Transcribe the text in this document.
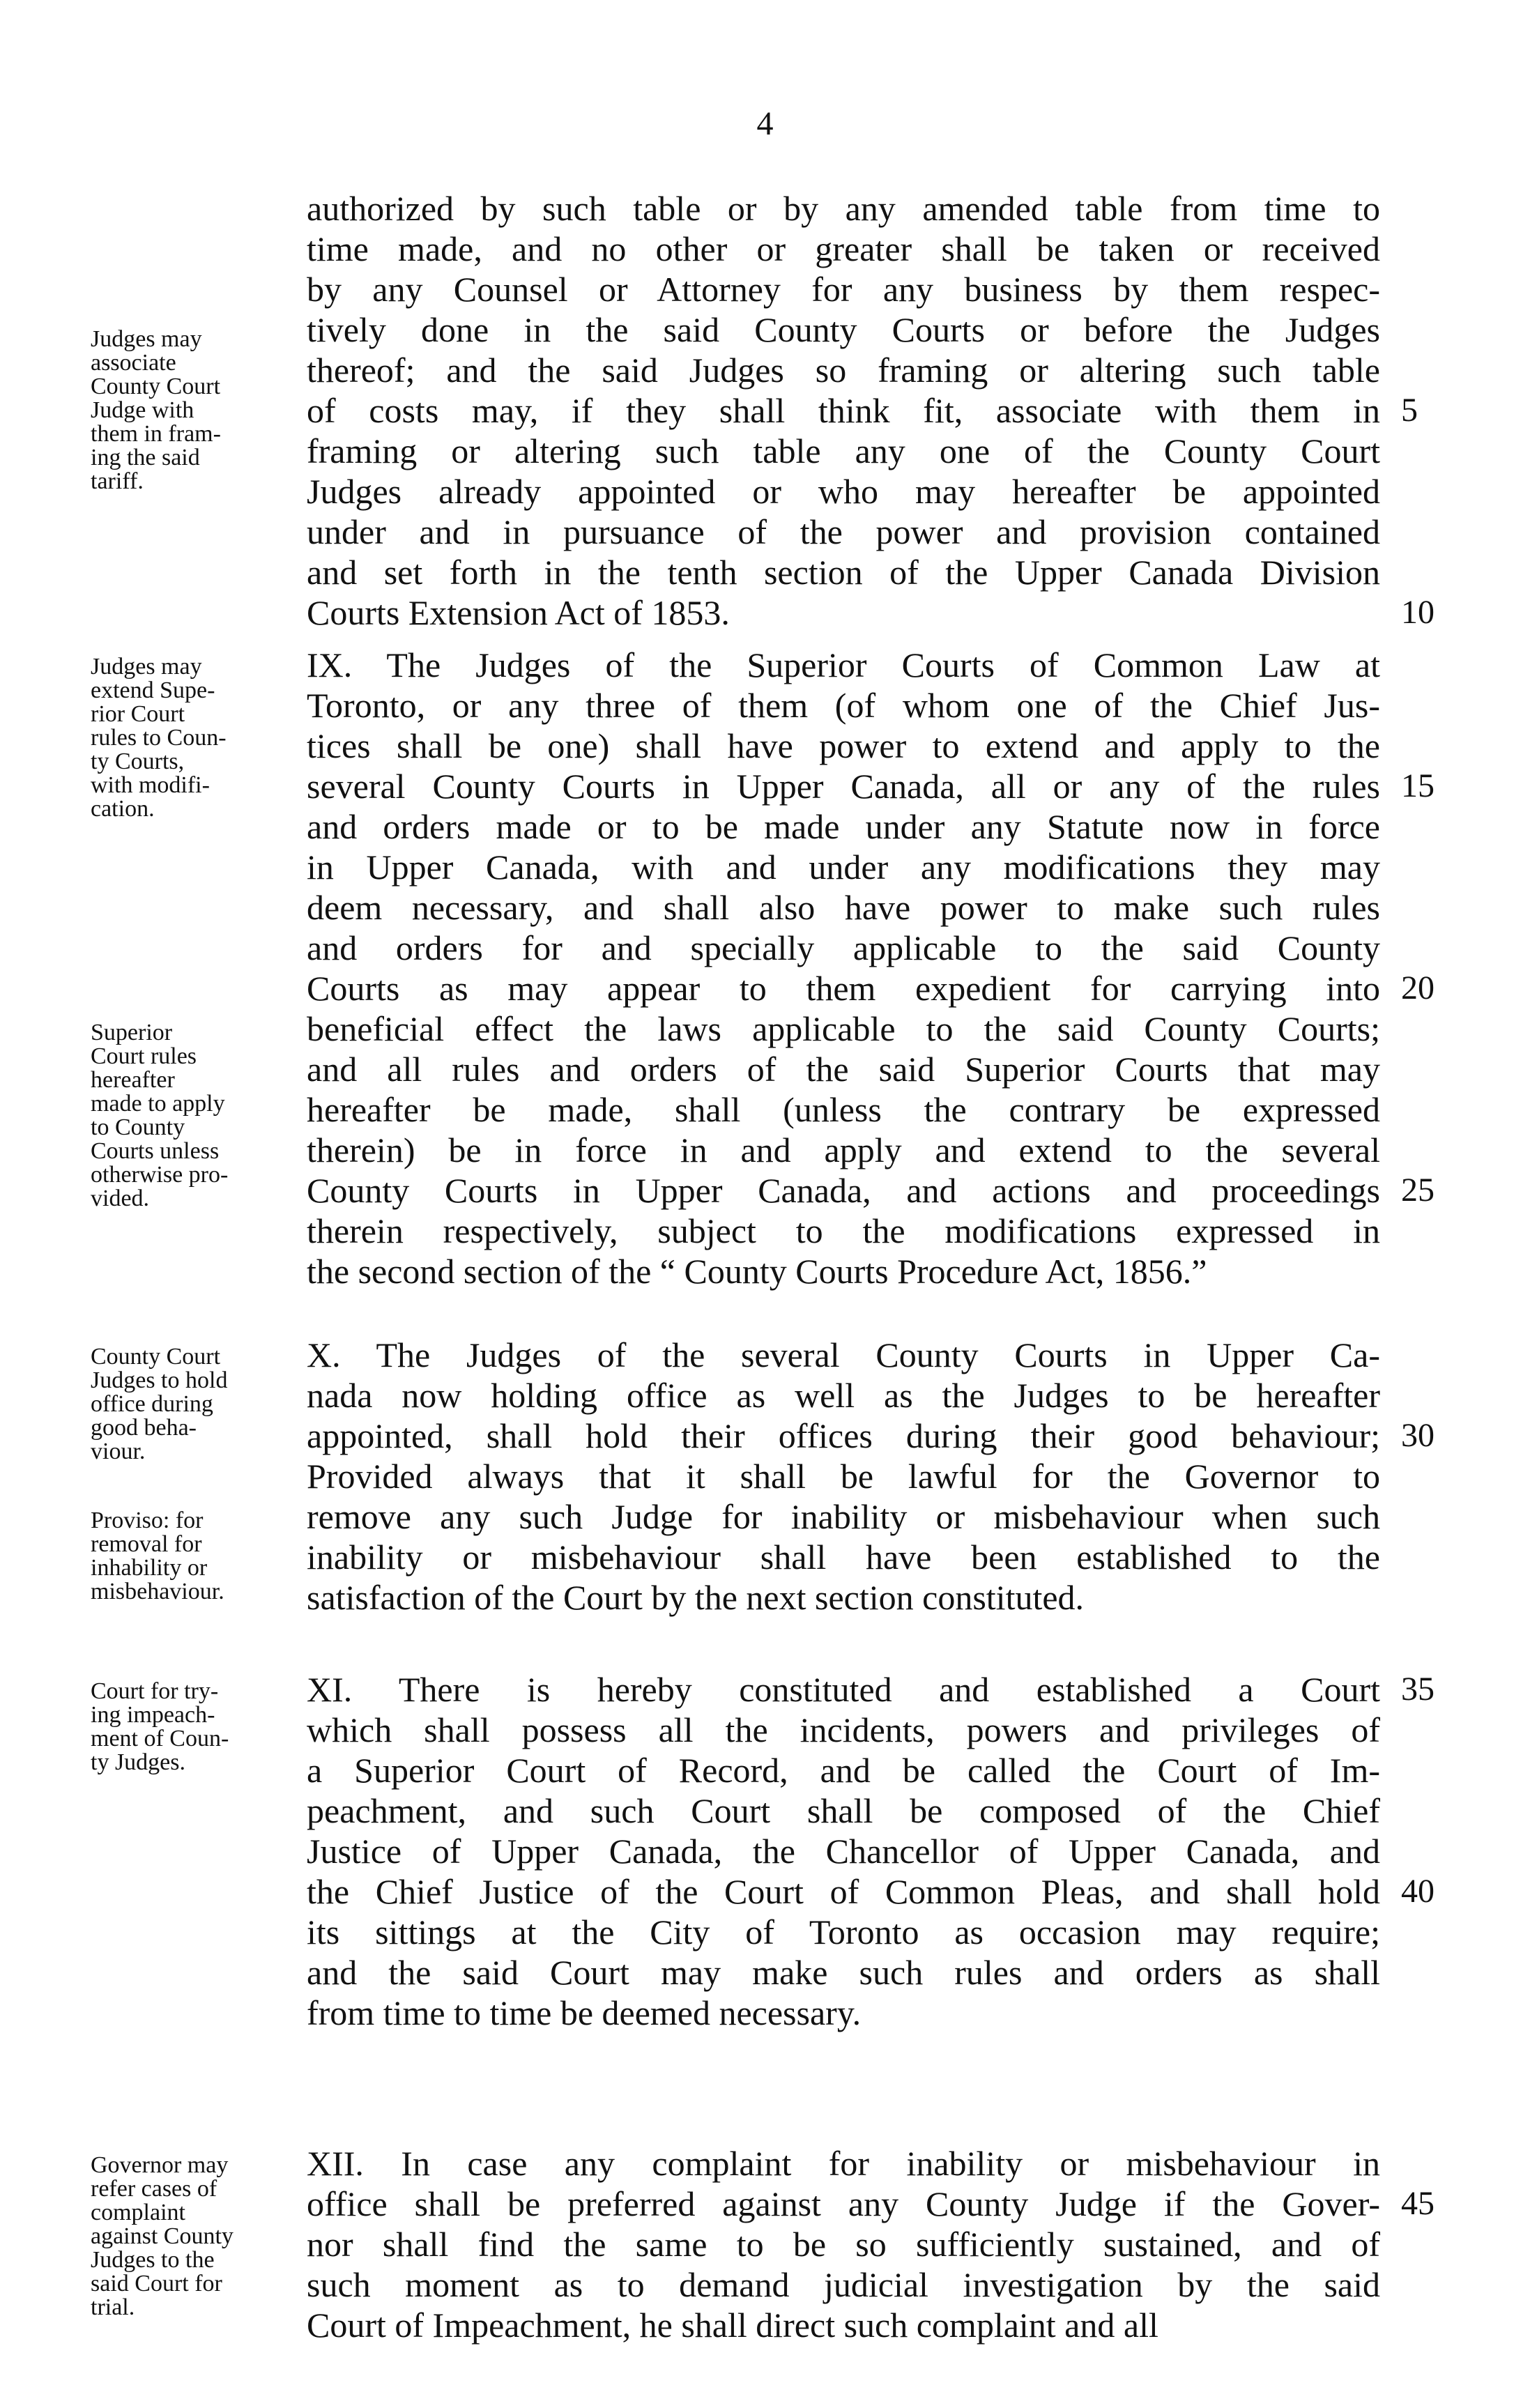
4
Judges may
associate
County Court
Judge with
them in fram-
ing the said
tariff.
authorized by such table or by any amended table from time to
time made, and no other or greater shall be taken or received
by any Counsel or Attorney for any business by them respec-
tively done in the said County Courts or before the Judges
thereof; and the said Judges so framing or altering such table
of costs may, if they shall think fit, associate with them in
framing or altering such table any one of the County Court
Judges already appointed or who may hereafter be appointed
under and in pursuance of the power and provision contained
and set forth in the tenth section of the Upper Canada Division
Courts Extension Act of 1853.
5
10
Judges may
extend Supe-
rior Court
rules to Coun-
ty Courts,
with modifi-
cation.
Superior
Court rules
hereafter
made to apply
to County
Courts unless
otherwise pro-
vided.
IX. The Judges of the Superior Courts of Common Law at
Toronto, or any three of them (of whom one of the Chief Jus-
tices shall be one) shall have power to extend and apply to the
several County Courts in Upper Canada, all or any of the rules
and orders made or to be made under any Statute now in force
in Upper Canada, with and under any modifications they may
deem necessary, and shall also have power to make such rules
and orders for and specially applicable to the said County
Courts as may appear to them expedient for carrying into
beneficial effect the laws applicable to the said County Courts;
and all rules and orders of the said Superior Courts that may
hereafter be made, shall (unless the contrary be expressed
therein) be in force in and apply and extend to the several
County Courts in Upper Canada, and actions and proceedings
therein respectively, subject to the modifications expressed in
the second section of the “ County Courts Procedure Act, 1856.”
15
20
25
County Court
Judges to hold
office during
good beha-
viour.
Proviso: for
removal for
inhability or
misbehaviour.
X. The Judges of the several County Courts in Upper Ca-
nada now holding office as well as the Judges to be hereafter
appointed, shall hold their offices during their good behaviour;
Provided always that it shall be lawful for the Governor to
remove any such Judge for inability or misbehaviour when such
inability or misbehaviour shall have been established to the
satisfaction of the Court by the next section constituted.
30
Court for try-
ing impeach-
ment of Coun-
ty Judges.
XI. There is hereby constituted and established a Court
which shall possess all the incidents, powers and privileges of
a Superior Court of Record, and be called the Court of Im-
peachment, and such Court shall be composed of the Chief
Justice of Upper Canada, the Chancellor of Upper Canada, and
the Chief Justice of the Court of Common Pleas, and shall hold
its sittings at the City of Toronto as occasion may require;
and the said Court may make such rules and orders as shall
from time to time be deemed necessary.
35
40
Governor may
refer cases of
complaint
against County
Judges to the
said Court for
trial.
XII. In case any complaint for inability or misbehaviour in
office shall be preferred against any County Judge if the Gover-
nor shall find the same to be so sufficiently sustained, and of
such moment as to demand judicial investigation by the said
Court of Impeachment, he shall direct such complaint and all
45
